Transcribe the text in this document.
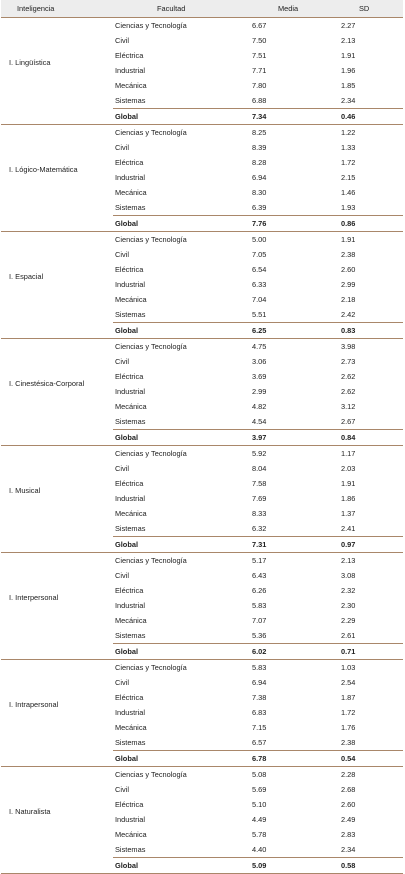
Inteligencia	Facultad	Media	SD
I. Lingüística	Ciencias y Tecnología	6.67	2.27
	Civil	7.50	2.13
	Eléctrica	7.51	1.91
	Industrial	7.71	1.96
	Mecánica	7.80	1.85
	Sistemas	6.88	2.34
	Global	7.34	0.46
I. Lógico-Matemática	Ciencias y Tecnología	8.25	1.22
	Civil	8.39	1.33
	Eléctrica	8.28	1.72
	Industrial	6.94	2.15
	Mecánica	8.30	1.46
	Sistemas	6.39	1.93
	Global	7.76	0.86
I. Espacial	Ciencias y Tecnología	5.00	1.91
	Civil	7.05	2.38
	Eléctrica	6.54	2.60
	Industrial	6.33	2.99
	Mecánica	7.04	2.18
	Sistemas	5.51	2.42
	Global	6.25	0.83
I. Cinestésica-Corporal	Ciencias y Tecnología	4.75	3.98
	Civil	3.06	2.73
	Eléctrica	3.69	2.62
	Industrial	2.99	2.62
	Mecánica	4.82	3.12
	Sistemas	4.54	2.67
	Global	3.97	0.84
I. Musical	Ciencias y Tecnología	5.92	1.17
	Civil	8.04	2.03
	Eléctrica	7.58	1.91
	Industrial	7.69	1.86
	Mecánica	8.33	1.37
	Sistemas	6.32	2.41
	Global	7.31	0.97
I. Interpersonal	Ciencias y Tecnología	5.17	2.13
	Civil	6.43	3.08
	Eléctrica	6.26	2.32
	Industrial	5.83	2.30
	Mecánica	7.07	2.29
	Sistemas	5.36	2.61
	Global	6.02	0.71
I. Intrapersonal	Ciencias y Tecnología	5.83	1.03
	Civil	6.94	2.54
	Eléctrica	7.38	1.87
	Industrial	6.83	1.72
	Mecánica	7.15	1.76
	Sistemas	6.57	2.38
	Global	6.78	0.54
I. Naturalista	Ciencias y Tecnología	5.08	2.28
	Civil	5.69	2.68
	Eléctrica	5.10	2.60
	Industrial	4.49	2.49
	Mecánica	5.78	2.83
	Sistemas	4.40	2.34
	Global	5.09	0.58
